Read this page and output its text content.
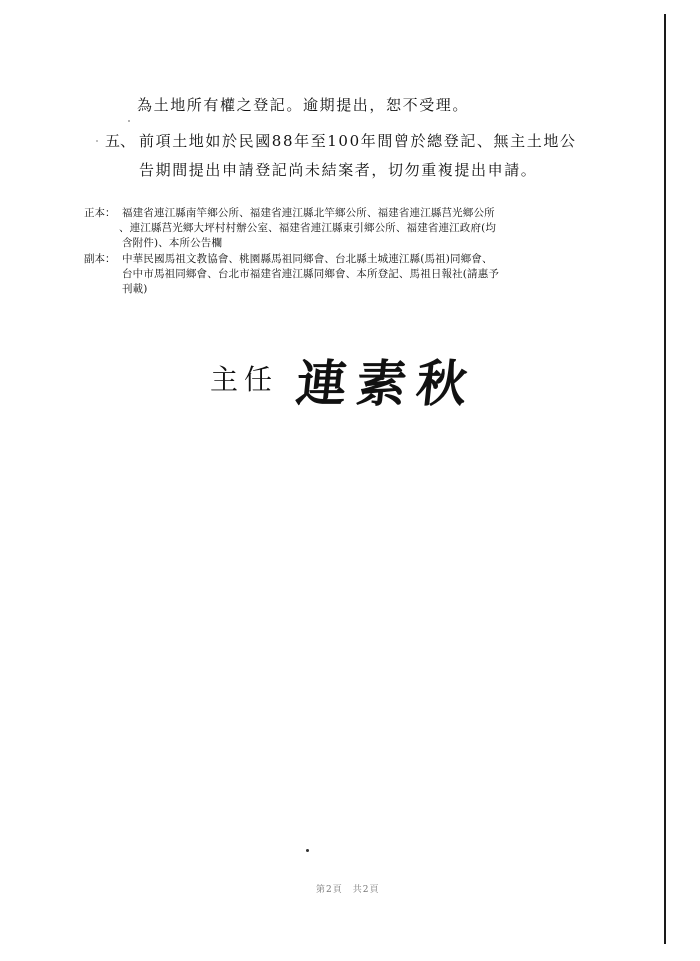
為土地所有權之登記。逾期提出，恕不受理。
五、 前項土地如於民國88年至100年間曾於總登記、無主土地公
告期間提出申請登記尚未結案者，切勿重複提出申請。
正本： 福建省連江縣南竿鄉公所、福建省連江縣北竿鄉公所、福建省連江縣莒光鄉公所
、連江縣莒光鄉大坪村村辦公室、福建省連江縣東引鄉公所、福建省連江政府(均
含附件)、本所公告欄
副本： 中華民國馬祖文教協會、桃園縣馬祖同鄉會、台北縣土城連江縣(馬祖)同鄉會、
台中市馬祖同鄉會、台北市福建省連江縣同鄉會、本所登記、馬祖日報社(請惠予
刊載)
主任 連素秋
第2頁　共2頁
